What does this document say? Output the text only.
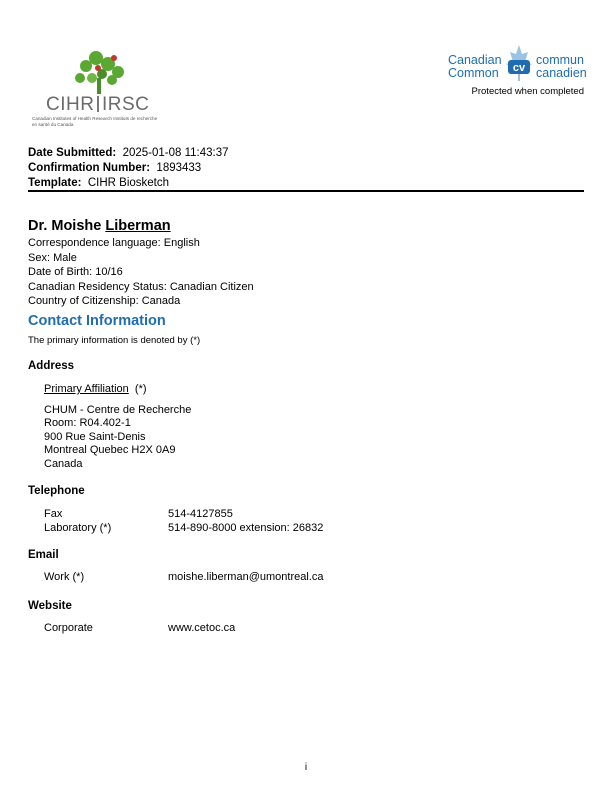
CIHR IRSC
Canadian Institutes of Health Research Instituts de recherche en santé du Canada
Canadian
Common cv
commun
canadien
Protected when completed
Date Submitted: 2025-01-08 11:43:37
Confirmation Number: 1893433
Template: CIHR Biosketch
Dr. Moishe Liberman
Correspondence language: English
Sex: Male
Date of Birth: 10/16
Canadian Residency Status: Canadian Citizen
Country of Citizenship: Canada
Contact Information
The primary information is denoted by (*)
Address
Primary Affiliation (*)
CHUM - Centre de Recherche
Room: R04.402-1
900 Rue Saint-Denis
Montreal Quebec H2X 0A9
Canada
Telephone
Fax	514-4127855
Laboratory (*)	514-890-8000 extension: 26832
Email
Work (*)	moishe.liberman@umontreal.ca
Website
Corporate	www.cetoc.ca
i
